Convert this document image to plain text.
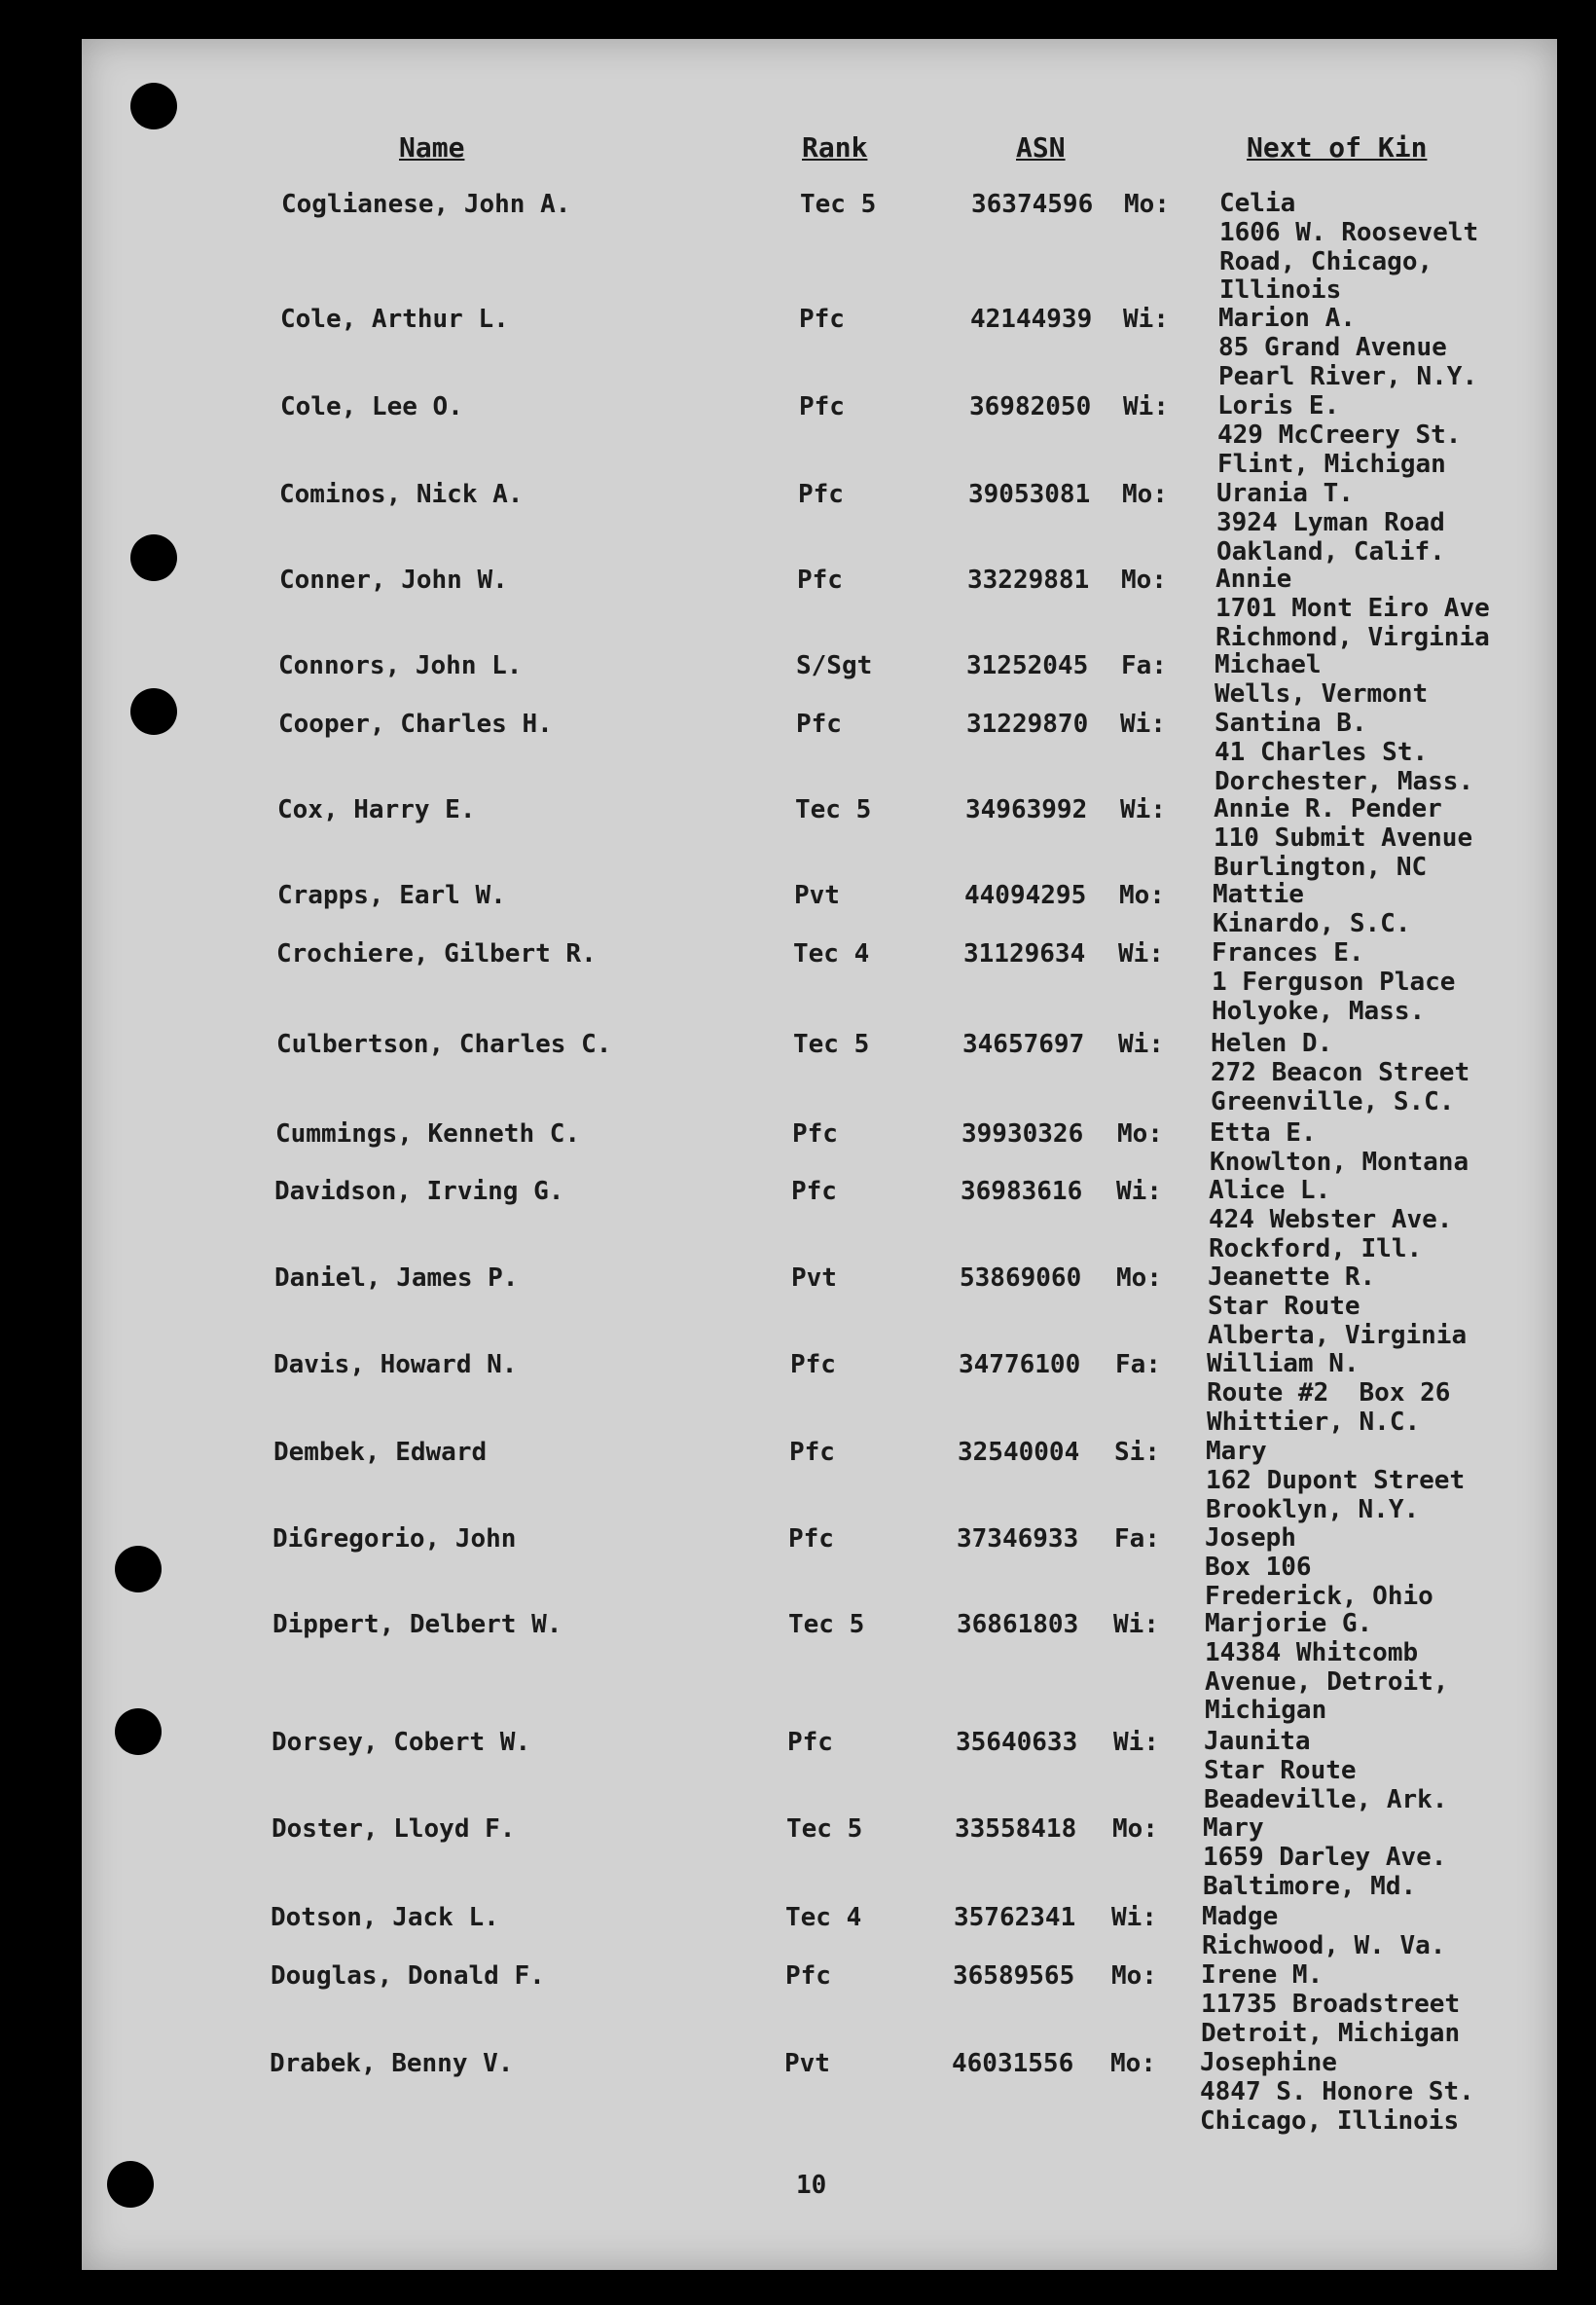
Name	Rank	ASN	Next of Kin
Coglianese, John A.	Tec 5	36374596 Mo: Celia
1606 W. Roosevelt
Road, Chicago,
Illinois
Cole, Arthur L.	Pfc	42144939 Wi: Marion A.
85 Grand Avenue
Pearl River, N.Y.
Cole, Lee O.	Pfc	36982050 Wi: Loris E.
429 McCreery St.
Flint, Michigan
Cominos, Nick A.	Pfc	39053081 Mo: Urania T.
3924 Lyman Road
Oakland, Calif.
Conner, John W.	Pfc	33229881 Mo: Annie
1701 Mont Eiro Ave
Richmond, Virginia
Connors, John L.	S/Sgt	31252045 Fa: Michael
Wells, Vermont
Cooper, Charles H.	Pfc	31229870 Wi: Santina B.
41 Charles St.
Dorchester, Mass.
Cox, Harry E.	Tec 5	34963992 Wi: Annie R. Pender
110 Submit Avenue
Burlington, NC
Crapps, Earl W.	Pvt	44094295 Mo: Mattie
Kinardo, S.C.
Crochiere, Gilbert R.	Tec 4	31129634 Wi: Frances E.
1 Ferguson Place
Holyoke, Mass.
Culbertson, Charles C.	Tec 5	34657697 Wi: Helen D.
272 Beacon Street
Greenville, S.C.
Cummings, Kenneth C.	Pfc	39930326 Mo: Etta E.
Knowlton, Montana
Davidson, Irving G.	Pfc	36983616 Wi: Alice L.
424 Webster Ave.
Rockford, Ill.
Daniel, James P.	Pvt	53869060 Mo: Jeanette R.
Star Route
Alberta, Virginia
Davis, Howard N.	Pfc	34776100 Fa: William N.
Route #2  Box 26
Whittier, N.C.
Dembek, Edward	Pfc	32540004 Si: Mary
162 Dupont Street
Brooklyn, N.Y.
DiGregorio, John	Pfc	37346933 Fa: Joseph
Box 106
Frederick, Ohio
Dippert, Delbert W.	Tec 5	36861803 Wi: Marjorie G.
14384 Whitcomb
Avenue, Detroit,
Michigan
Dorsey, Cobert W.	Pfc	35640633 Wi: Jaunita
Star Route
Beadeville, Ark.
Doster, Lloyd F.	Tec 5	33558418 Mo: Mary
1659 Darley Ave.
Baltimore, Md.
Dotson, Jack L.	Tec 4	35762341 Wi: Madge
Richwood, W. Va.
Douglas, Donald F.	Pfc	36589565 Mo: Irene M.
11735 Broadstreet
Detroit, Michigan
Drabek, Benny V.	Pvt	46031556 Mo: Josephine
4847 S. Honore St.
Chicago, Illinois
10
